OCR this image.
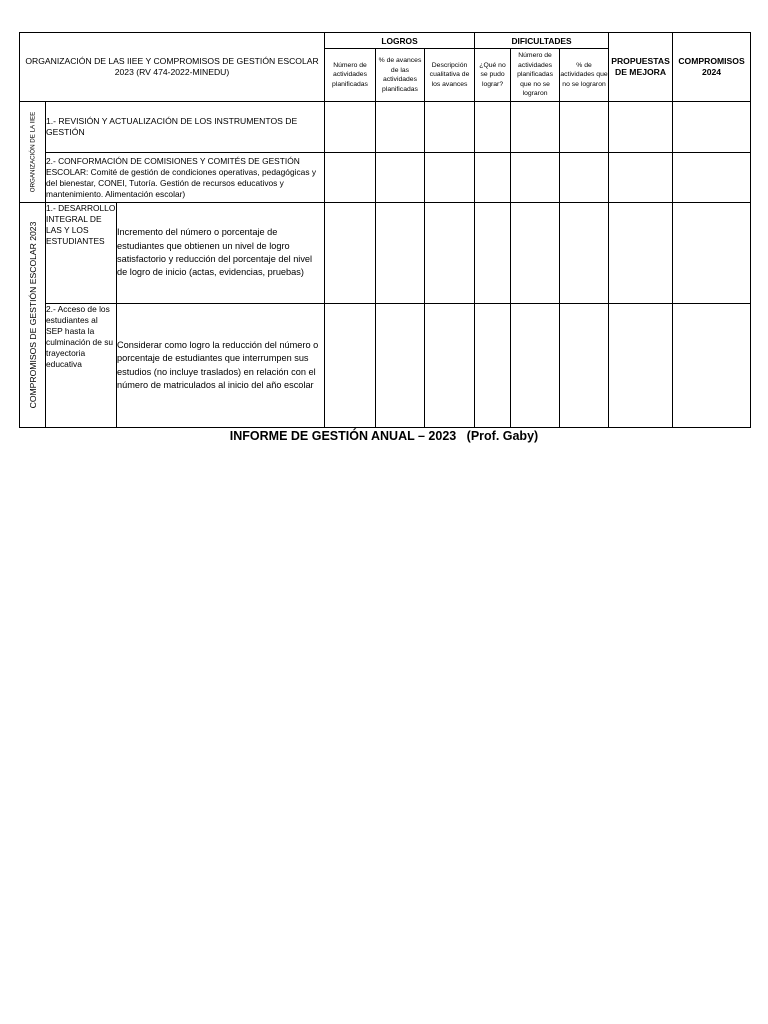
ORGANIZACIÓN DE LAS IIEE Y COMPROMISOS DE GESTIÓN ESCOLAR 2023 (RV 474-2022-MINEDU)			LOGROS			DIFICULTADES			PROPUESTAS DE MEJORA	COMPROMISOS 2024
			Número de actividades planificadas	% de avances de las actividades planificadas	Descripción cualitativa de los avances	¿Qué no se pudo lograr?	Número de actividades planificadas que no se lograron	% de actividades que no se lograron		

ORGANIZACIÓN DE LA IIEE	1.- REVISIÓN Y ACTUALIZACIÓN DE LOS INSTRUMENTOS DE GESTIÓN									
	2.- CONFORMACIÓN DE COMISIONES Y COMITÉS DE GESTIÓN ESCOLAR: Comité de gestión de condiciones operativas, pedagógicas y del bienestar, CONEI, Tutoría. Gestión de recursos educativos y mantenimiento. Alimentación escolar)									

COMPROMISOS DE GESTIÓN ESCOLAR 2023	1.- DESARROLLO INTEGRAL DE LAS Y LOS ESTUDIANTES	Incremento del número o porcentaje de estudiantes que obtienen un nivel de logro satisfactorio y reducción del porcentaje del nivel de logro de inicio (actas, evidencias, pruebas)								
	2.- Acceso de los estudiantes al SEP hasta la culminación de su trayectoria educativa	Considerar como logro la reducción del número o porcentaje de estudiantes que interrumpen sus estudios (no incluye traslados) en relación con el número de matriculados al inicio del año escolar								
INFORME DE GESTIÓN ANUAL – 2023   (Prof. Gaby)
